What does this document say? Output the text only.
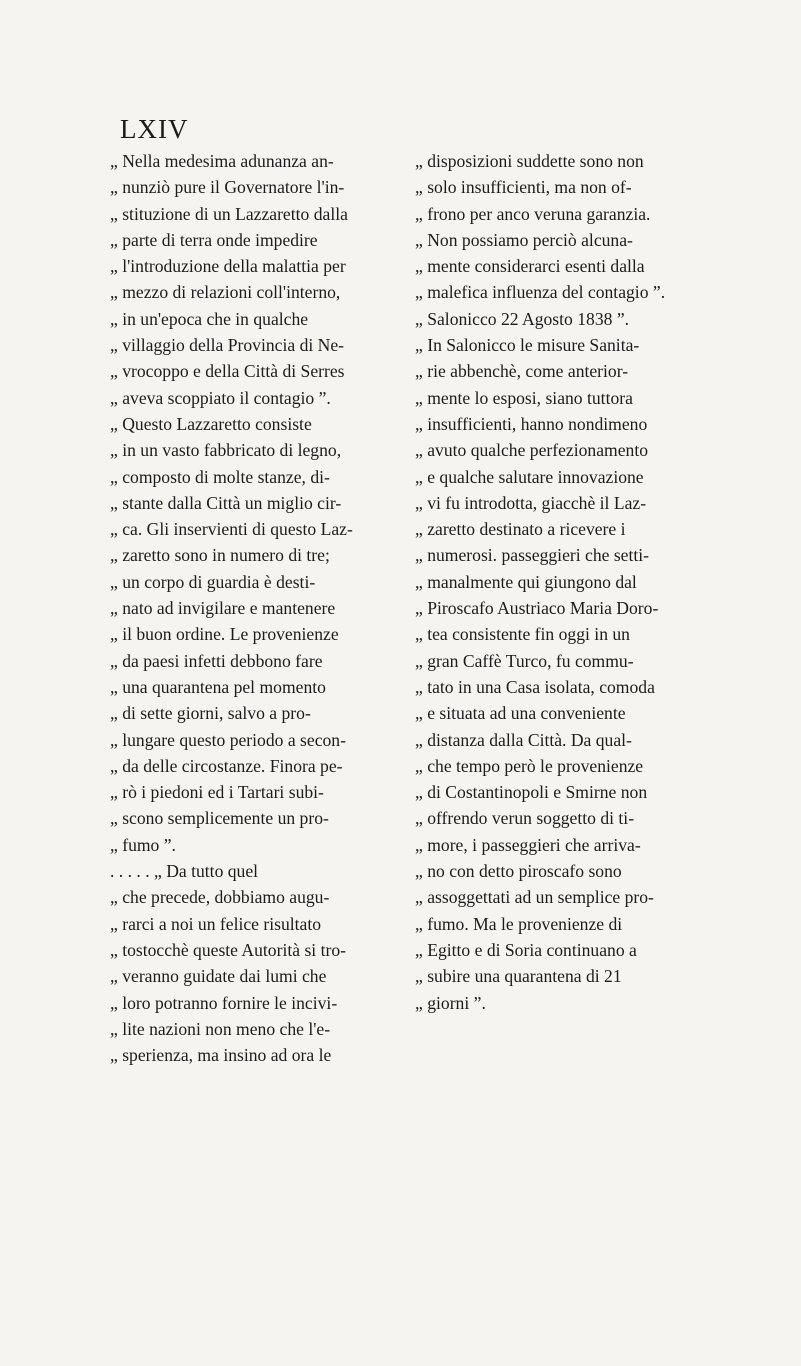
LXIV
„ Nella medesima adunanza an-
„ nunziò pure il Governatore l'in-
„ stituzione di un Lazzaretto dalla
„ parte di terra onde impedire
„ l'introduzione della malattia per
„ mezzo di relazioni coll'interno,
„ in un'epoca che in qualche
„ villaggio della Provincia di Ne-
„ vrocoppo e della Città di Serres
„ aveva scoppiato il contagio ”.
„ Questo Lazzaretto consiste
„ in un vasto fabbricato di legno,
„ composto di molte stanze, di-
„ stante dalla Città un miglio cir-
„ ca. Gli inservienti di questo Laz-
„ zaretto sono in numero di tre;
„ un corpo di guardia è desti-
„ nato ad invigilare e mantenere
„ il buon ordine. Le provenienze
„ da paesi infetti debbono fare
„ una quarantena pel momento
„ di sette giorni, salvo a pro-
„ lungare questo periodo a secon-
„ da delle circostanze. Finora pe-
„ rò i piedoni ed i Tartari subi-
„ scono semplicemente un pro-
„ fumo ”.
. . . . . „ Da tutto quel
„ che precede, dobbiamo augu-
„ rarci a noi un felice risultato
„ tostocchè queste Autorità si tro-
„ veranno guidate dai lumi che
„ loro potranno fornire le incivi-
„ lite nazioni non meno che l'e-
„ sperienza, ma insino ad ora le
„ disposizioni suddette sono non
„ solo insufficienti, ma non of-
„ frono per anco veruna garanzia.
„ Non possiamo perciò alcuna-
„ mente considerarci esenti dalla
„ malefica influenza del contagio ”.
„ Salonicco 22 Agosto 1838 ”.
„ In Salonicco le misure Sanita-
„ rie abbenchè, come anterior-
„ mente lo esposi, siano tuttora
„ insufficienti, hanno nondimeno
„ avuto qualche perfezionamento
„ e qualche salutare innovazione
„ vi fu introdotta, giacchè il Laz-
„ zaretto destinato a ricevere i
„ numerosi. passeggieri che setti-
„ manalmente qui giungono dal
„ Piroscafo Austriaco Maria Doro-
„ tea consistente fin oggi in un
„ gran Caffè Turco, fu commu-
„ tato in una Casa isolata, comoda
„ e situata ad una conveniente
„ distanza dalla Città. Da qual-
„ che tempo però le provenienze
„ di Costantinopoli e Smirne non
„ offrendo verun soggetto di ti-
„ more, i passeggieri che arriva-
„ no con detto piroscafo sono
„ assoggettati ad un semplice pro-
„ fumo. Ma le provenienze di
„ Egitto e di Soria continuano a
„ subire una quarantena di 21
„ giorni ”.
